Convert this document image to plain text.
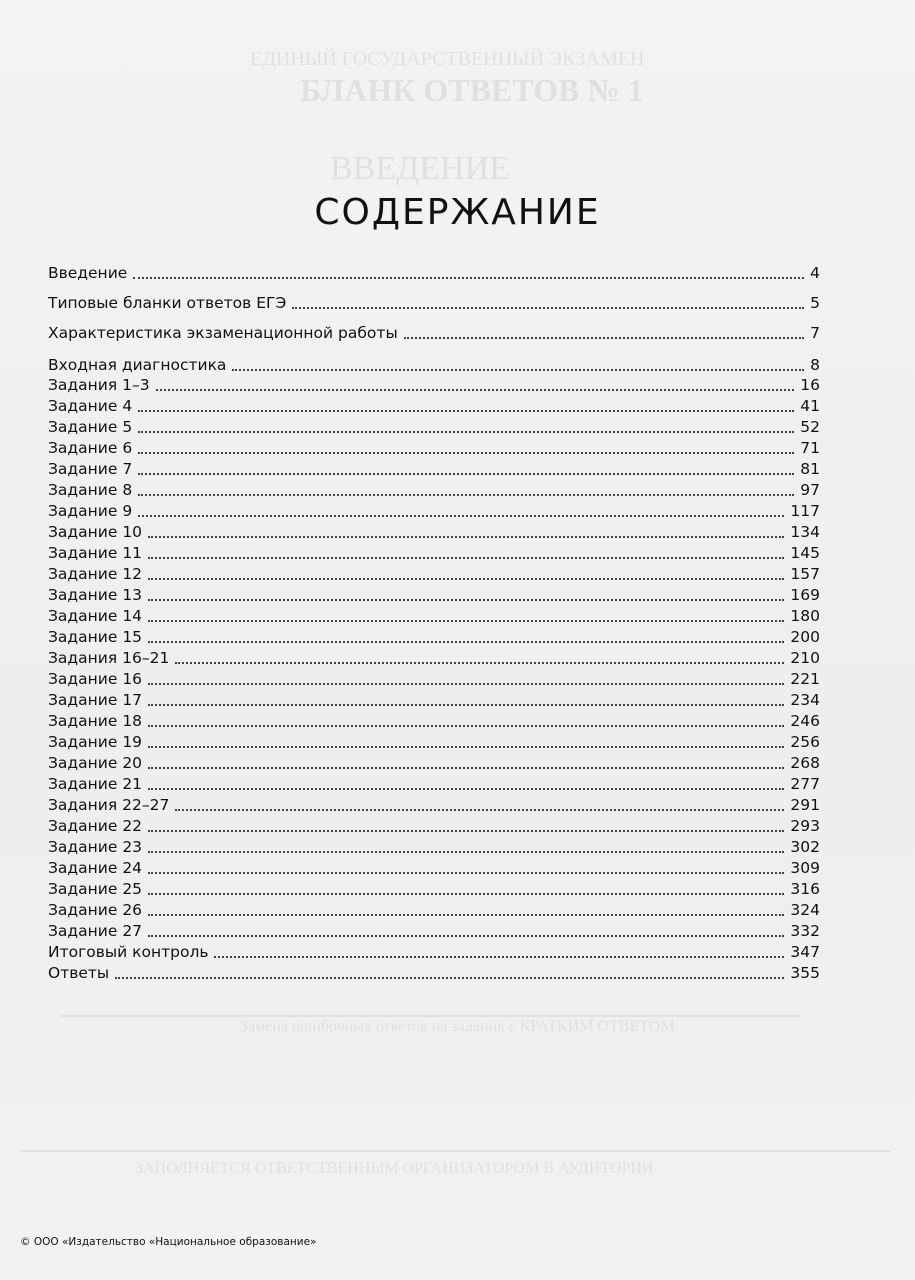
ЕДИНЫЙ ГОСУДАРСТВЕННЫЙ ЭКЗАМЕН
БЛАНК ОТВЕТОВ № 1
ВВЕДЕНИЕ
Замена ошибочных ответов на задания с КРАТКИМ ОТВЕТОМ
ЗАПОЛНЯЕТСЯ ОТВЕТСТВЕННЫМ ОРГАНИЗАТОРОМ В АУДИТОРИИ
СОДЕРЖАНИЕ
Введение	4
Типовые бланки ответов ЕГЭ	5
Характеристика экзаменационной работы	7
Входная диагностика	8
Задания 1–3	16
Задание 4	41
Задание 5	52
Задание 6	71
Задание 7	81
Задание 8	97
Задание 9	117
Задание 10	134
Задание 11	145
Задание 12	157
Задание 13	169
Задание 14	180
Задание 15	200
Задания 16–21	210
Задание 16	221
Задание 17	234
Задание 18	246
Задание 19	256
Задание 20	268
Задание 21	277
Задания 22–27	291
Задание 22	293
Задание 23	302
Задание 24	309
Задание 25	316
Задание 26	324
Задание 27	332
Итоговый контроль	347
Ответы	355
© ООО «Издательство «Национальное образование»
